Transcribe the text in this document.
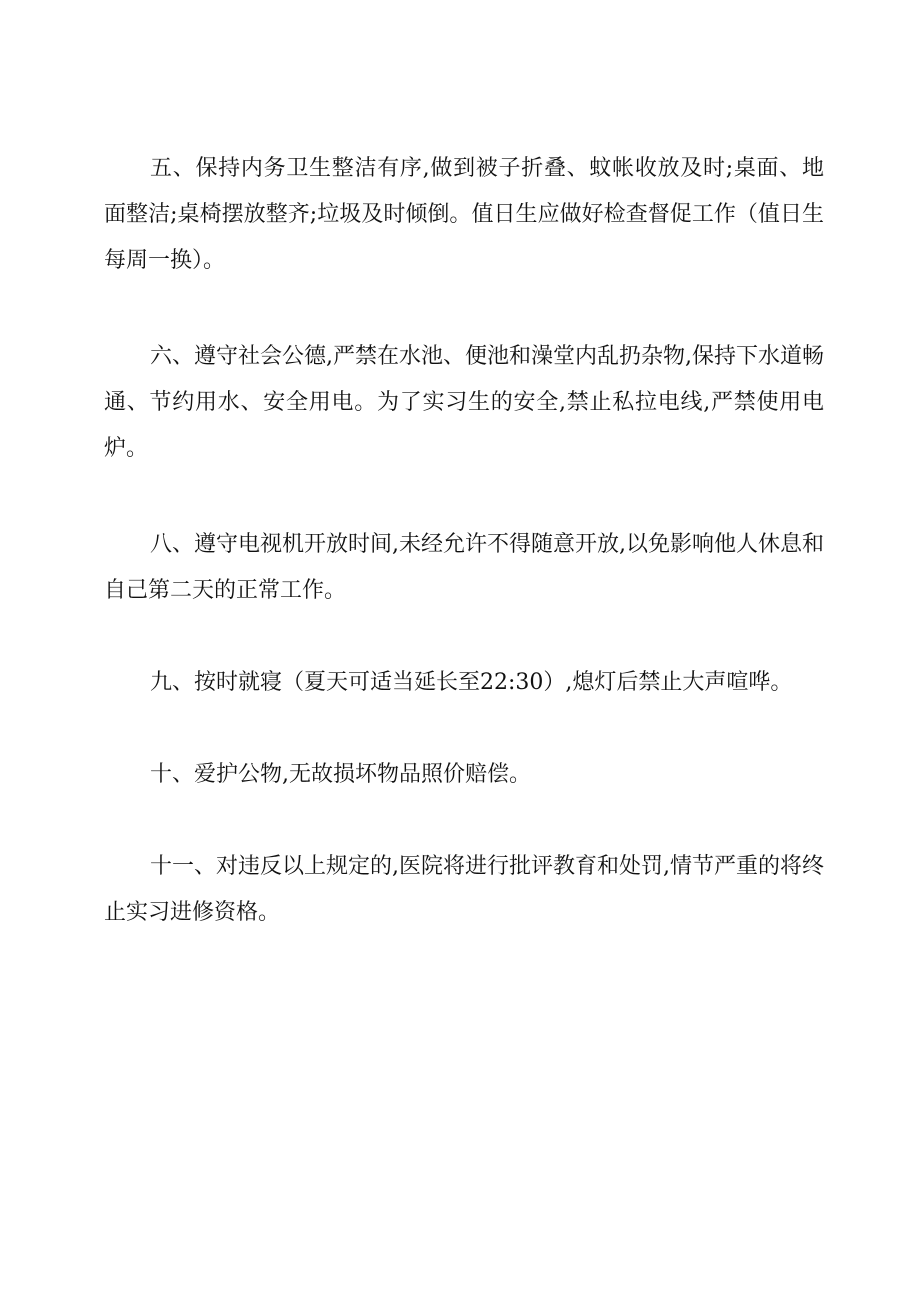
五、保持内务卫生整洁有序,做到被子折叠、蚊帐收放及时;桌面、地面整洁;桌椅摆放整齐;垃圾及时倾倒。值日生应做好检查督促工作（值日生每周一换）。

六、遵守社会公德,严禁在水池、便池和澡堂内乱扔杂物,保持下水道畅通、节约用水、安全用电。为了实习生的安全,禁止私拉电线,严禁使用电炉。

八、遵守电视机开放时间,未经允许不得随意开放,以免影响他人休息和自己第二天的正常工作。

九、按时就寝（夏天可适当延长至22:30）,熄灯后禁止大声喧哗。

十、爱护公物,无故损坏物品照价赔偿。

十一、对违反以上规定的,医院将进行批评教育和处罚,情节严重的将终止实习进修资格。
